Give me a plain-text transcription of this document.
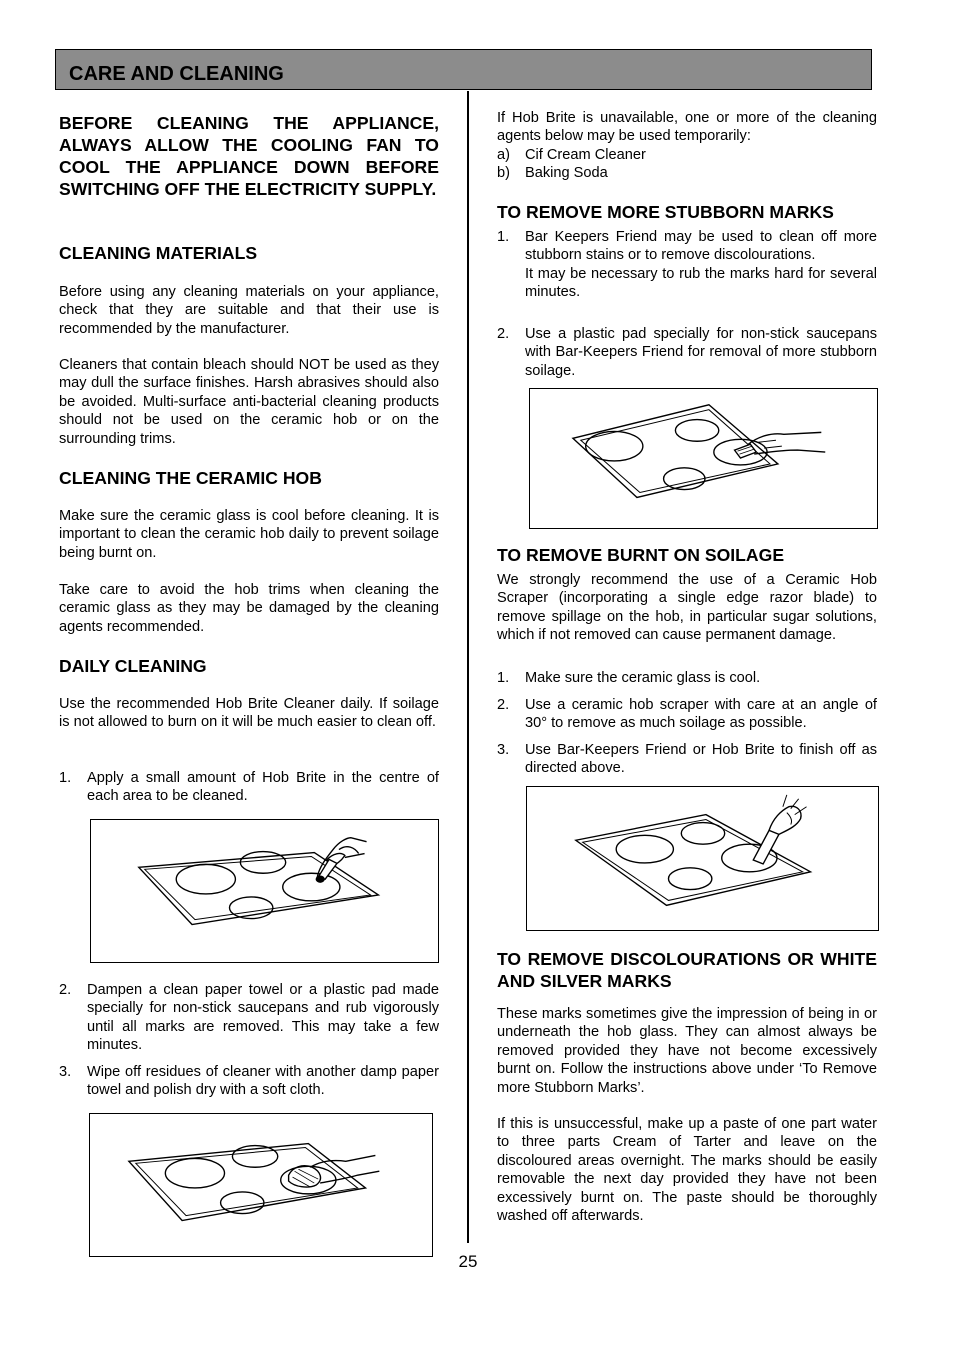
CARE AND CLEANING

BEFORE CLEANING THE APPLIANCE, ALWAYS ALLOW THE COOLING FAN TO COOL THE APPLIANCE DOWN BEFORE SWITCHING OFF THE ELECTRICITY SUPPLY.

CLEANING MATERIALS

Before using any cleaning materials on your appliance, check that they are suitable and that their use is recommended by the manufacturer.

Cleaners that contain bleach should NOT be used as they may dull the surface finishes. Harsh abrasives should also be avoided. Multi-surface anti-bacterial cleaning products should not be used on the ceramic hob or on the surrounding trims.

CLEANING THE CERAMIC HOB

Make sure the ceramic glass is cool before cleaning. It is important to clean the ceramic hob daily to prevent soilage being burnt on.

Take care to avoid the hob trims when cleaning the ceramic glass as they may be damaged by the cleaning agents recommended.

DAILY CLEANING

Use the recommended Hob Brite Cleaner daily. If soilage is not allowed to burn on it will be much easier to clean off.

1. Apply a small amount of Hob Brite in the centre of each area to be cleaned.

2. Dampen a clean paper towel or a plastic pad made specially for non-stick saucepans and rub vigorously until all marks are removed. This may take a few minutes.

3. Wipe off residues of cleaner with another damp paper towel and polish dry with a soft cloth.

If Hob Brite is unavailable, one or more of the cleaning agents below may be used temporarily:

a) Cif Cream Cleaner

b) Baking Soda

TO REMOVE MORE STUBBORN MARKS
1. Bar Keepers Friend may be used to clean off more stubborn stains or to remove discolourations.

It may be necessary to rub the marks hard for several minutes.

2. Use a plastic pad specially for non-stick saucepans with Bar-Keepers Friend for removal of more stubborn soilage.

TO REMOVE BURNT ON SOILAGE

We strongly recommend the use of a Ceramic Hob Scraper (incorporating a single edge razor blade) to remove spillage on the hob, in particular sugar solutions, which if not removed can cause permanent damage.

1. Make sure the ceramic glass is cool.

2. Use a ceramic hob scraper with care at an angle of 30° to remove as much soilage as possible.

3. Use Bar-Keepers Friend or Hob Brite to finish off as directed above.

TO REMOVE DISCOLOURATIONS OR WHITE AND SILVER MARKS

These marks sometimes give the impression of being in or underneath the hob glass. They can almost always be removed provided they have not become excessively burnt on. Follow the instructions above under ‘To Remove more Stubborn Marks’.

If this is unsuccessful, make up a paste of one part water to three parts Cream of Tarter and leave on the discoloured areas overnight. The marks should be easily removable the next day provided they have not been excessively burnt on. The paste should be thoroughly washed off afterwards.

25
